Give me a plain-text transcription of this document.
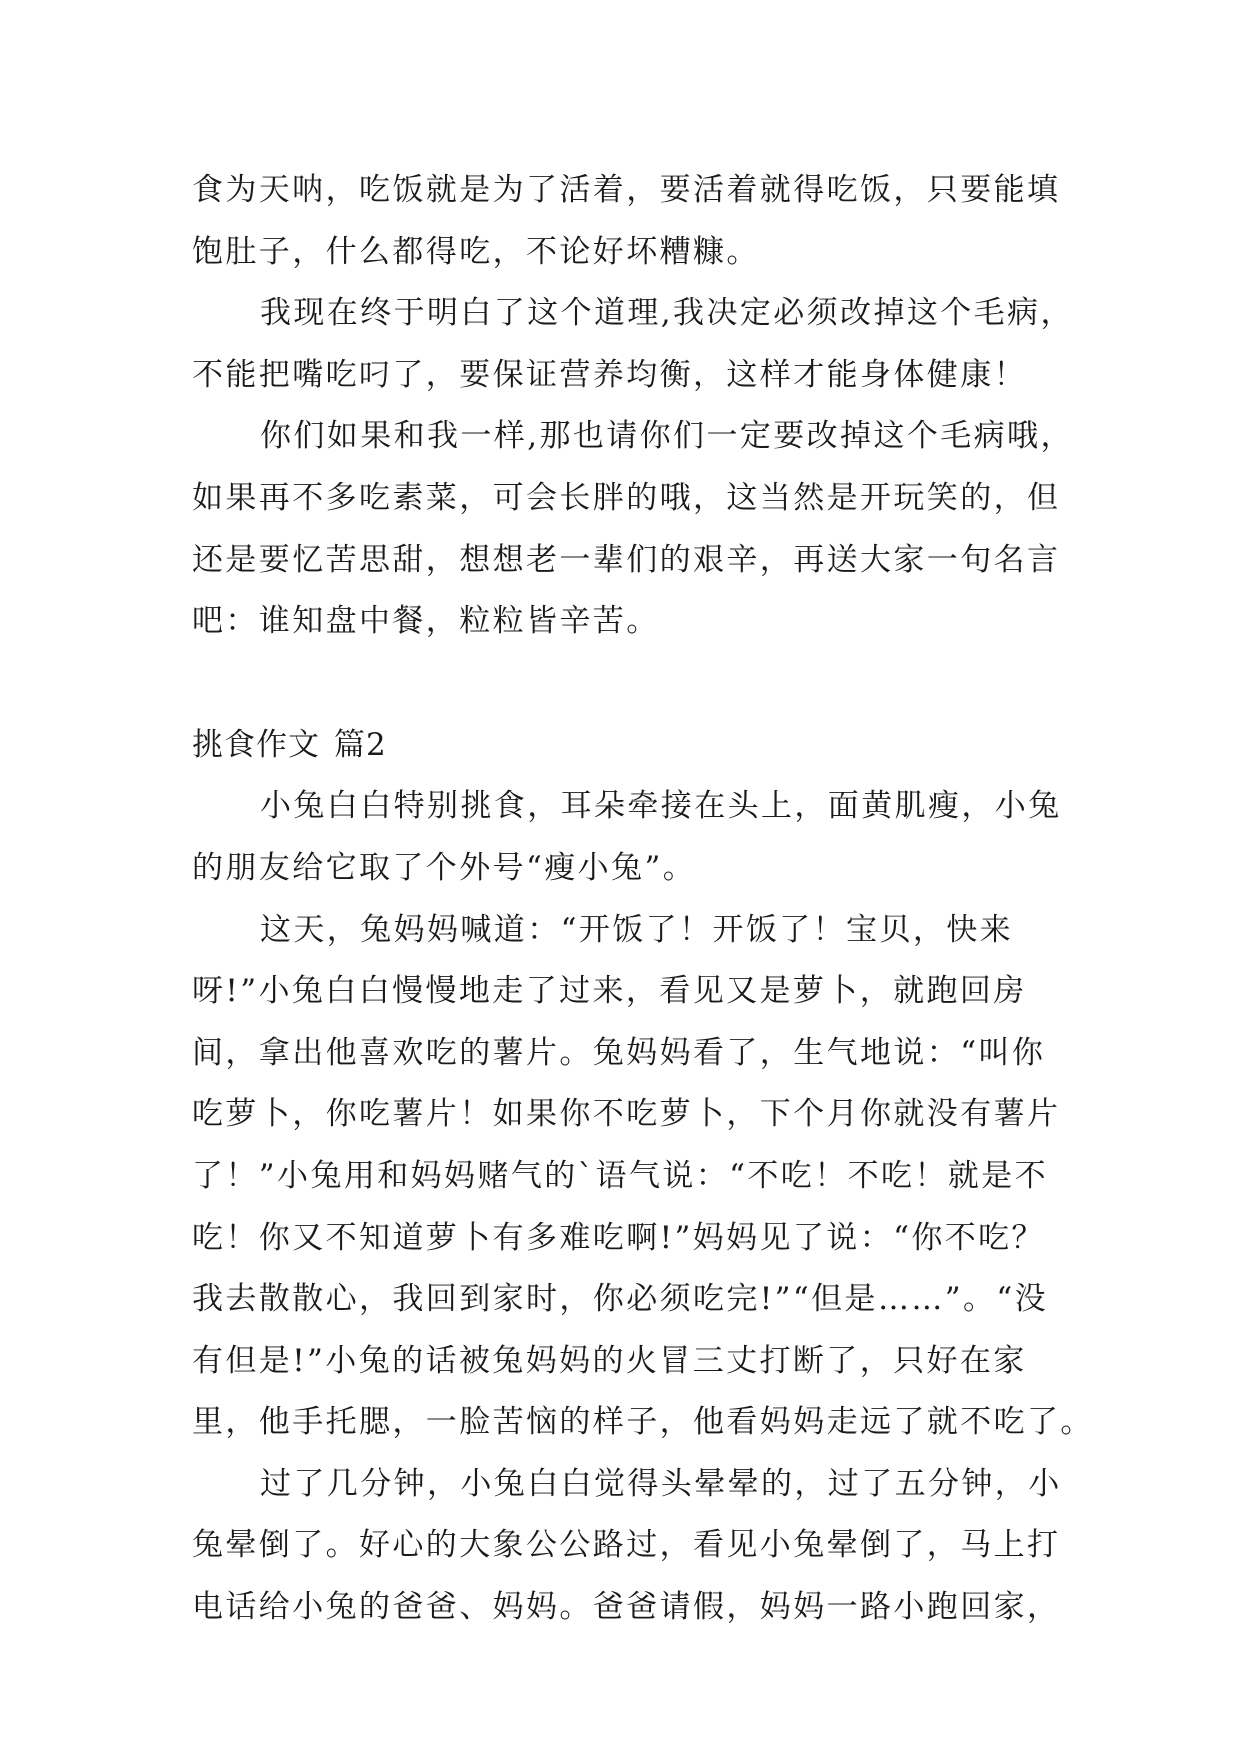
食为天呐，吃饭就是为了活着，要活着就得吃饭，只要能填
饱肚子，什么都得吃，不论好坏糟糠。
我现在终于明白了这个道理,我决定必须改掉这个毛病，
不能把嘴吃叼了，要保证营养均衡，这样才能身体健康！
你们如果和我一样,那也请你们一定要改掉这个毛病哦，
如果再不多吃素菜，可会长胖的哦，这当然是开玩笑的，但
还是要忆苦思甜，想想老一辈们的艰辛，再送大家一句名言
吧：谁知盘中餐，粒粒皆辛苦。
挑食作文 篇2
小兔白白特别挑食，耳朵牵接在头上，面黄肌瘦，小兔
的朋友给它取了个外号“瘦小兔”。
这天，兔妈妈喊道：“开饭了！开饭了！宝贝，快来
呀!”小兔白白慢慢地走了过来，看见又是萝卜，就跑回房
间，拿出他喜欢吃的薯片。兔妈妈看了，生气地说：“叫你
吃萝卜，你吃薯片！如果你不吃萝卜，下个月你就没有薯片
了！”小兔用和妈妈赌气的`语气说：“不吃！不吃！就是不
吃！你又不知道萝卜有多难吃啊!”妈妈见了说：“你不吃？
我去散散心，我回到家时，你必须吃完!”“但是……”。“没
有但是!”小兔的话被兔妈妈的火冒三丈打断了，只好在家
里，他手托腮，一脸苦恼的样子，他看妈妈走远了就不吃了。
过了几分钟，小兔白白觉得头晕晕的，过了五分钟，小
兔晕倒了。好心的大象公公路过，看见小兔晕倒了，马上打
电话给小兔的爸爸、妈妈。爸爸请假，妈妈一路小跑回家，
